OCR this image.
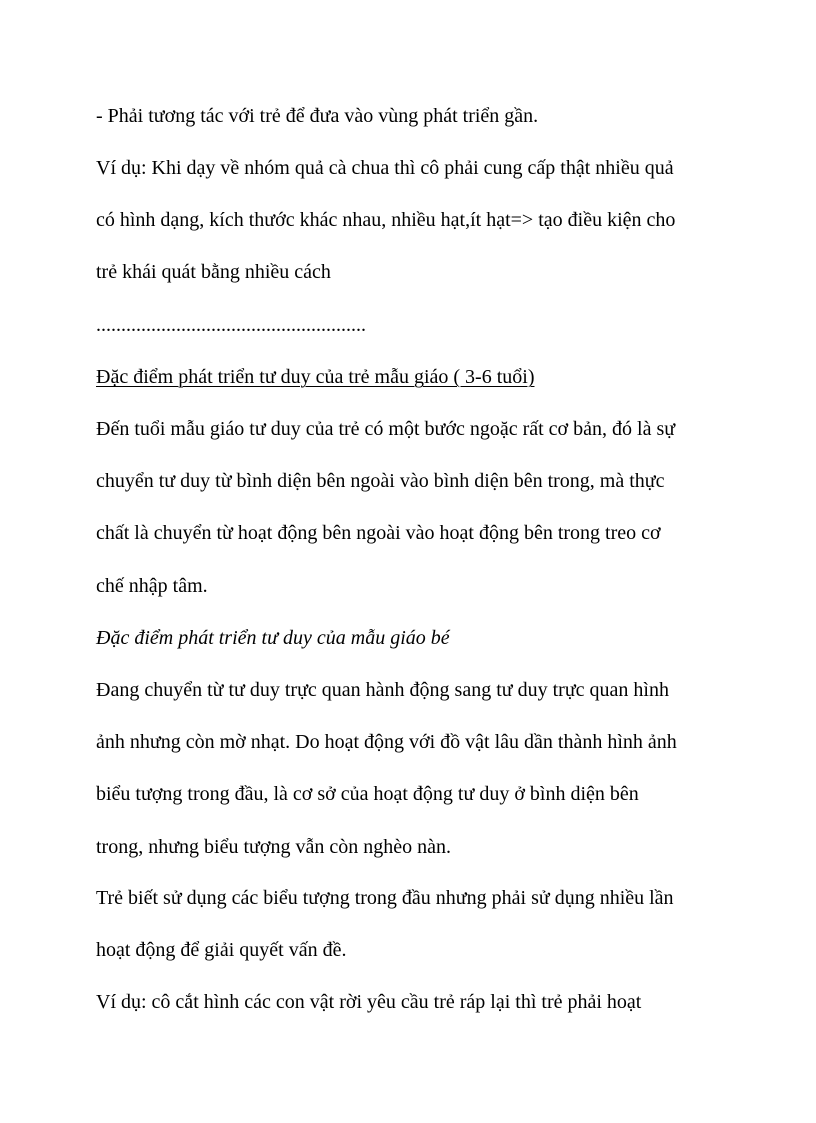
- Phải tương tác với trẻ để đưa vào vùng phát triển gần.
Ví dụ: Khi dạy về nhóm quả cà chua thì cô phải cung cấp thật nhiều quả
có hình dạng, kích thước khác nhau, nhiều hạt,ít hạt=> tạo điều kiện cho
trẻ khái quát bằng nhiều cách
......................................................
Đặc điểm phát triển tư duy của trẻ mẫu giáo ( 3-6 tuổi)
Đến tuổi mẫu giáo tư duy của trẻ có một bước ngoặc rất cơ bản, đó là sự
chuyển tư duy từ bình diện bên ngoài vào bình diện bên trong, mà thực
chất là chuyển từ hoạt động bên ngoài vào hoạt động bên trong treo cơ
chế nhập tâm.
Đặc điểm phát triển tư duy của mẫu giáo bé
Đang chuyển từ tư duy trực quan hành động sang tư duy trực quan hình
ảnh nhưng còn mờ nhạt. Do hoạt động với đồ vật lâu dần thành hình ảnh
biểu tượng trong đầu, là cơ sở của hoạt động tư duy ở bình diện bên
trong, nhưng biểu tượng vẫn còn nghèo nàn.
Trẻ biết sử dụng các biểu tượng trong đầu nhưng phải sử dụng nhiều lần
hoạt động để giải quyết vấn đề.
Ví dụ: cô cắt hình các con vật rời yêu cầu trẻ ráp lại thì trẻ phải hoạt
